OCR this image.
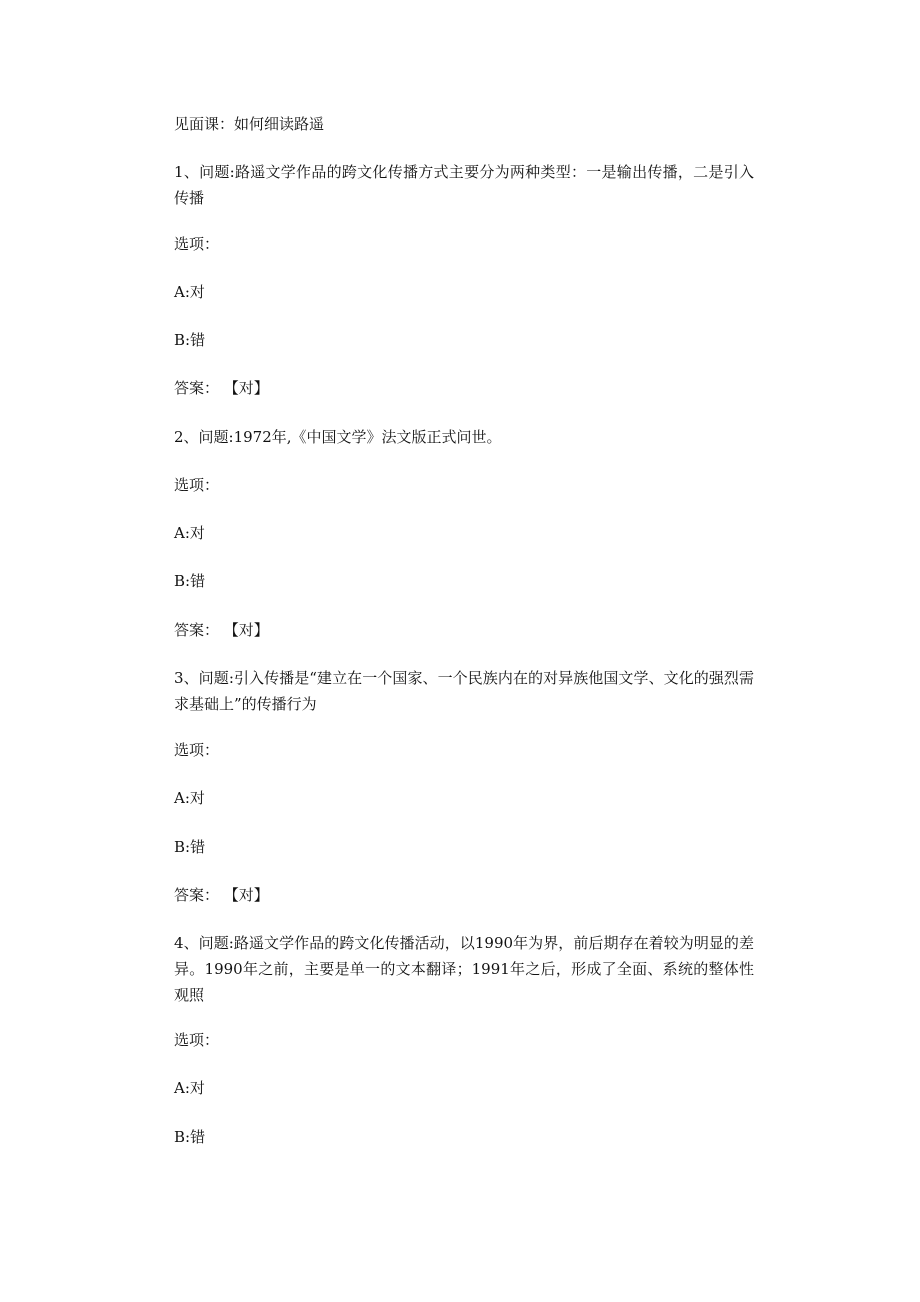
见面课：如何细读路遥
1、问题:路遥文学作品的跨文化传播方式主要分为两种类型：一是输出传播，二是引入传播
选项：
A:对
B:错
答案： 【对】
2、问题:1972年,《中国文学》法文版正式问世。
选项：
A:对
B:错
答案： 【对】
3、问题:引入传播是“建立在一个国家、一个民族内在的对异族他国文学、文化的强烈需求基础上”的传播行为
选项：
A:对
B:错
答案： 【对】
4、问题:路遥文学作品的跨文化传播活动，以1990年为界，前后期存在着较为明显的差异。1990年之前，主要是单一的文本翻译；1991年之后，形成了全面、系统的整体性观照
选项：
A:对
B:错
